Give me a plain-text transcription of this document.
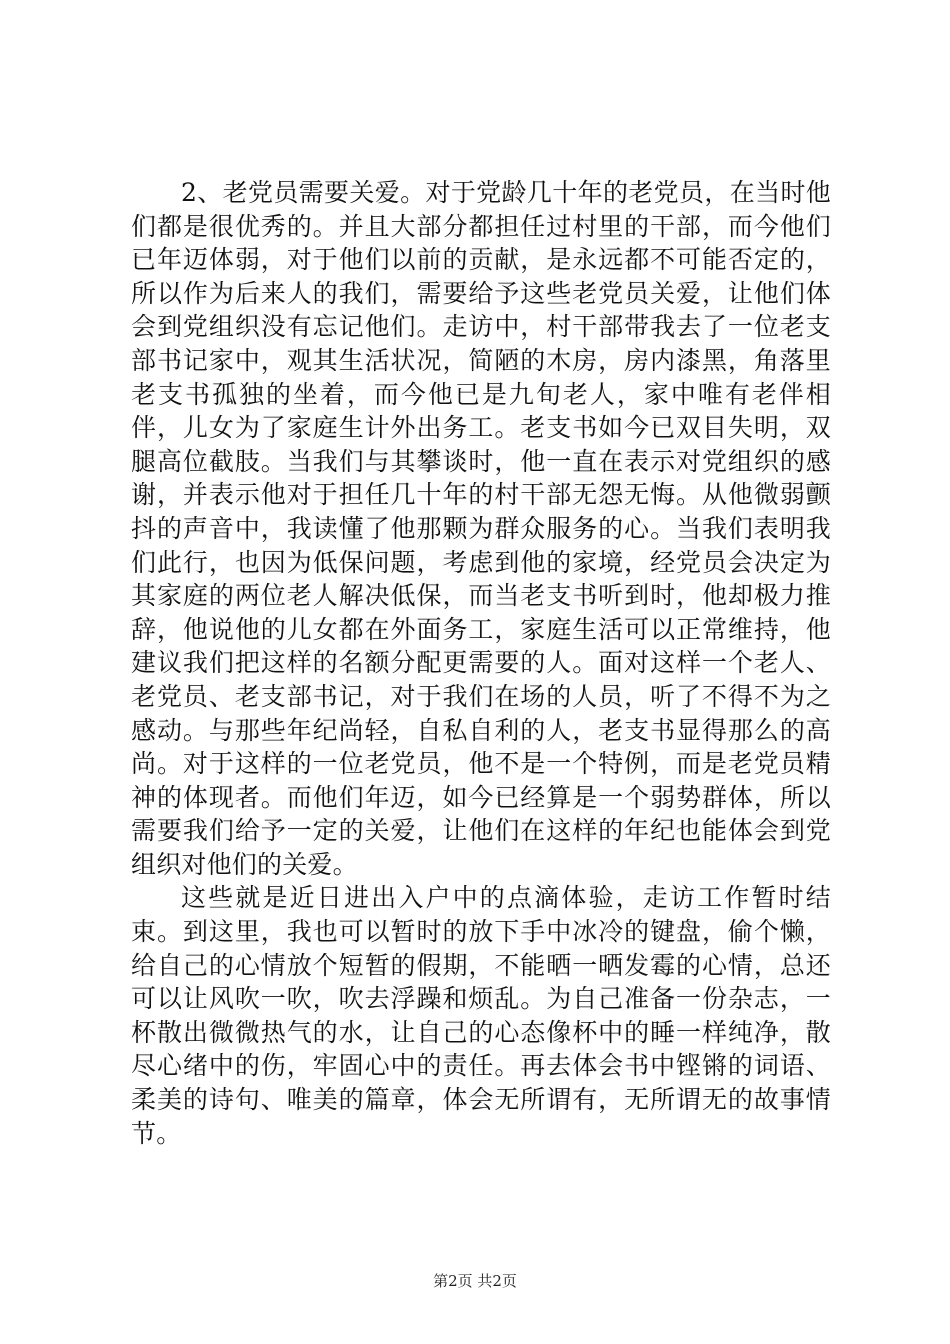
2、老党员需要关爱。对于党龄几十年的老党员，在当时他们都是很优秀的。并且大部分都担任过村里的干部，而今他们已年迈体弱，对于他们以前的贡献，是永远都不可能否定的，所以作为后来人的我们，需要给予这些老党员关爱，让他们体会到党组织没有忘记他们。走访中，村干部带我去了一位老支部书记家中，观其生活状况，简陋的木房，房内漆黑，角落里老支书孤独的坐着，而今他已是九旬老人，家中唯有老伴相伴，儿女为了家庭生计外出务工。老支书如今已双目失明，双腿高位截肢。当我们与其攀谈时，他一直在表示对党组织的感谢，并表示他对于担任几十年的村干部无怨无悔。从他微弱颤抖的声音中，我读懂了他那颗为群众服务的心。当我们表明我们此行，也因为低保问题，考虑到他的家境，经党员会决定为其家庭的两位老人解决低保，而当老支书听到时，他却极力推辞，他说他的儿女都在外面务工，家庭生活可以正常维持，他建议我们把这样的名额分配更需要的人。面对这样一个老人、老党员、老支部书记，对于我们在场的人员，听了不得不为之感动。与那些年纪尚轻，自私自利的人，老支书显得那么的高尚。对于这样的一位老党员，他不是一个特例，而是老党员精神的体现者。而他们年迈，如今已经算是一个弱势群体，所以需要我们给予一定的关爱，让他们在这样的年纪也能体会到党组织对他们的关爱。

这些就是近日进出入户中的点滴体验，走访工作暂时结束。到这里，我也可以暂时的放下手中冰冷的键盘，偷个懒，给自己的心情放个短暂的假期，不能晒一晒发霉的心情，总还可以让风吹一吹，吹去浮躁和烦乱。为自己准备一份杂志，一杯散出微微热气的水，让自己的心态像杯中的睡一样纯净，散尽心绪中的伤，牢固心中的责任。再去体会书中铿锵的词语、柔美的诗句、唯美的篇章，体会无所谓有，无所谓无的故事情节。

第2页 共2页
